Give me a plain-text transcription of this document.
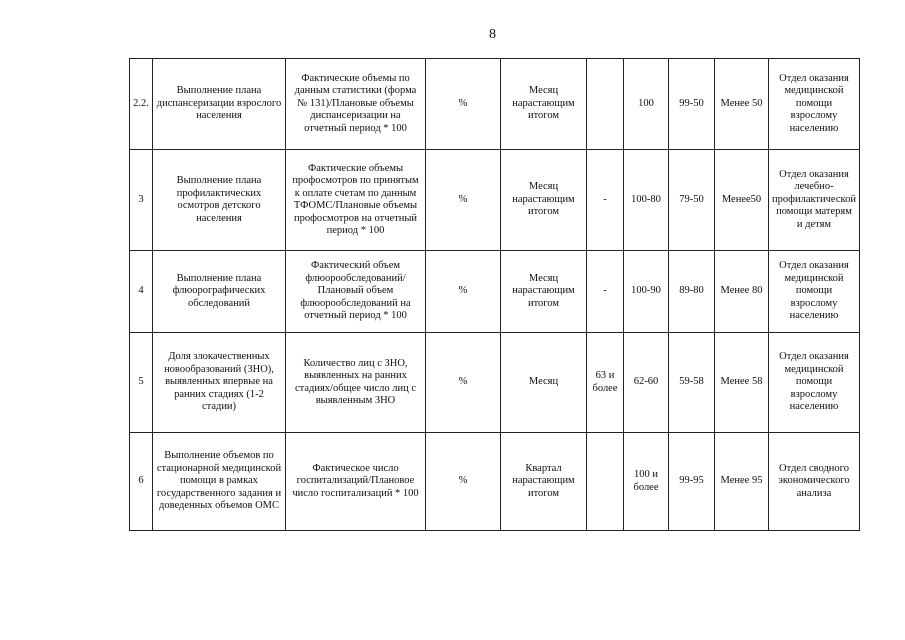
8
2.2.	Выполнение плана диспансеризации взрослого населения	Фактические объемы по данным статистики (форма № 131)/Плановые объемы диспансеризации на отчетный период * 100	%	Месяц нарастающим итогом		100	99-50	Менее 50	Отдел оказания медицинской помощи взрослому населению
3	Выполнение плана профилактических осмотров детского населения	Фактические объемы профосмотров по принятым к оплате счетам по данным ТФОМС/Плановые объемы профосмотров на отчетный период * 100	%	Месяц нарастающим итогом	-	100-80	79-50	Менее50	Отдел оказания лечебно-профилактической помощи матерям и детям
4	Выполнение плана флюорографических обследований	Фактический объем флюорообследований/Плановый объем флюорообследований на отчетный период * 100	%	Месяц нарастающим итогом	-	100-90	89-80	Менее 80	Отдел оказания медицинской помощи взрослому населению
5	Доля злокачественных новообразований (ЗНО), выявленных впервые на ранних стадиях (1-2 стадии)	Количество лиц с ЗНО, выявленных на ранних стадиях/общее число лиц с выявленным ЗНО	%	Месяц	63 и более	62-60	59-58	Менее 58	Отдел оказания медицинской помощи взрослому населению
6	Выполнение объемов по стационарной медицинской помощи в рамках государственного задания и доведенных объемов ОМС	Фактическое число госпитализаций/Плановое число госпитализаций * 100	%	Квартал нарастающим итогом		100 и более	99-95	Менее 95	Отдел сводного экономического анализа
